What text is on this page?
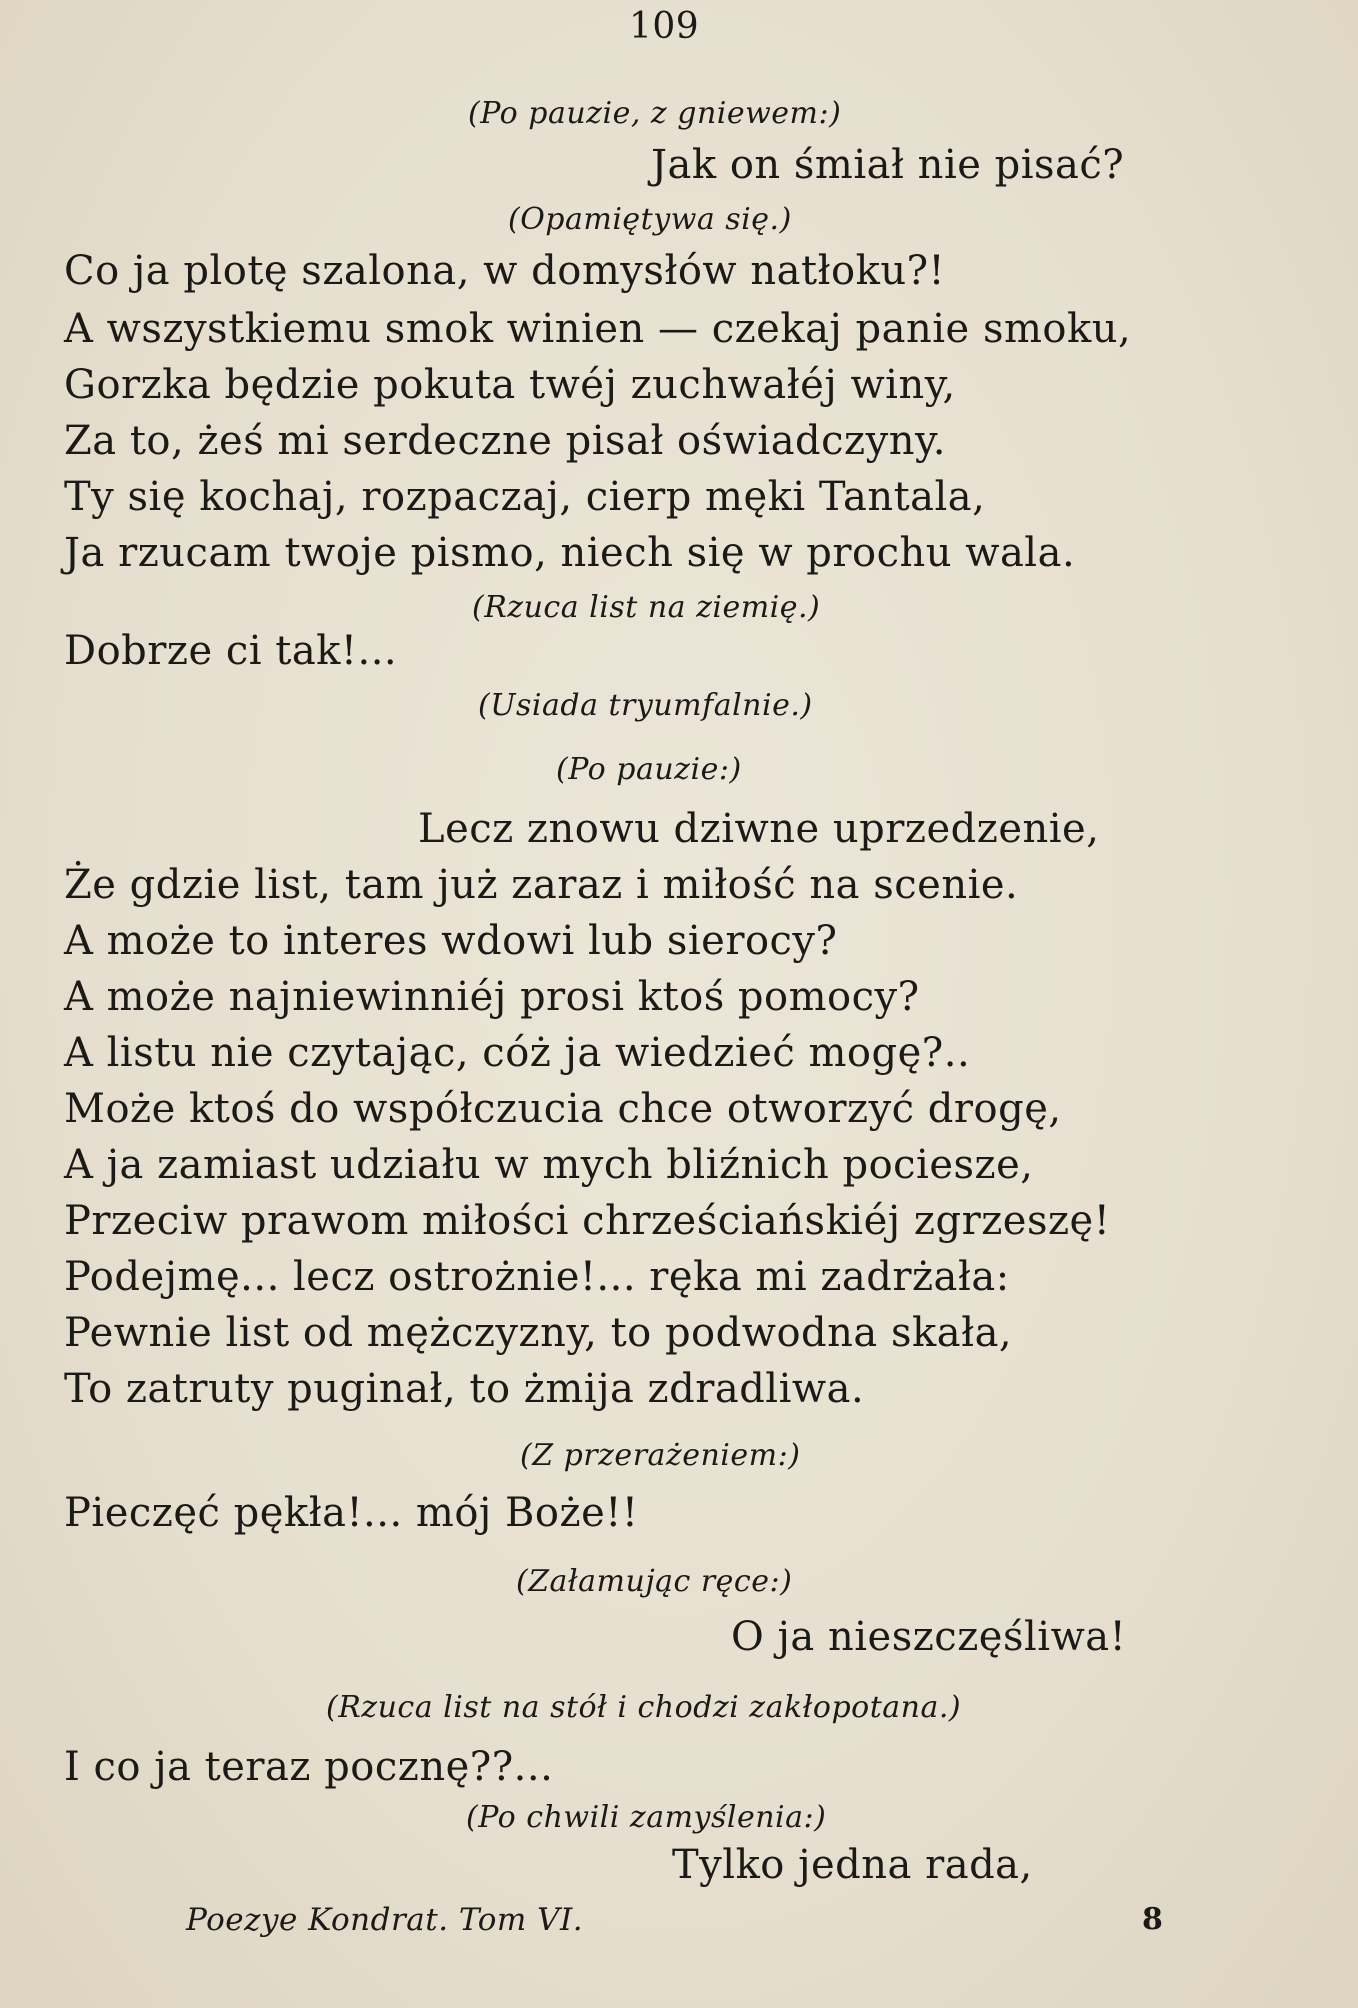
109
(Po pauzie, z gniewem:)
Jak on śmiał nie pisać?
(Opamiętywa się.)
Co ja plotę szalona, w domysłów natłoku?!
A wszystkiemu smok winien — czekaj panie smoku,
Gorzka będzie pokuta twéj zuchwałéj winy,
Za to, żeś mi serdeczne pisał oświadczyny.
Ty się kochaj, rozpaczaj, cierp męki Tantala,
Ja rzucam twoje pismo, niech się w prochu wala.
(Rzuca list na ziemię.)
Dobrze ci tak!...
(Usiada tryumfalnie.)
(Po pauzie:)
Lecz znowu dziwne uprzedzenie,
Że gdzie list, tam już zaraz i miłość na scenie.
A może to interes wdowi lub sierocy?
A może najniewinniéj prosi ktoś pomocy?
A listu nie czytając, cóż ja wiedzieć mogę?..
Może ktoś do współczucia chce otworzyć drogę,
A ja zamiast udziału w mych bliźnich pociesze,
Przeciw prawom miłości chrześciańskiéj zgrzeszę!
Podejmę... lecz ostrożnie!... ręka mi zadrżała:
Pewnie list od mężczyzny, to podwodna skała,
To zatruty puginał, to żmija zdradliwa.
(Z przerażeniem:)
Pieczęć pękła!... mój Boże!!
(Załamując ręce:)
O ja nieszczęśliwa!
(Rzuca list na stół i chodzi zakłopotana.)
I co ja teraz pocznę??...
(Po chwili zamyślenia:)
Tylko jedna rada,
Poezye Kondrat. Tom VI.	8
